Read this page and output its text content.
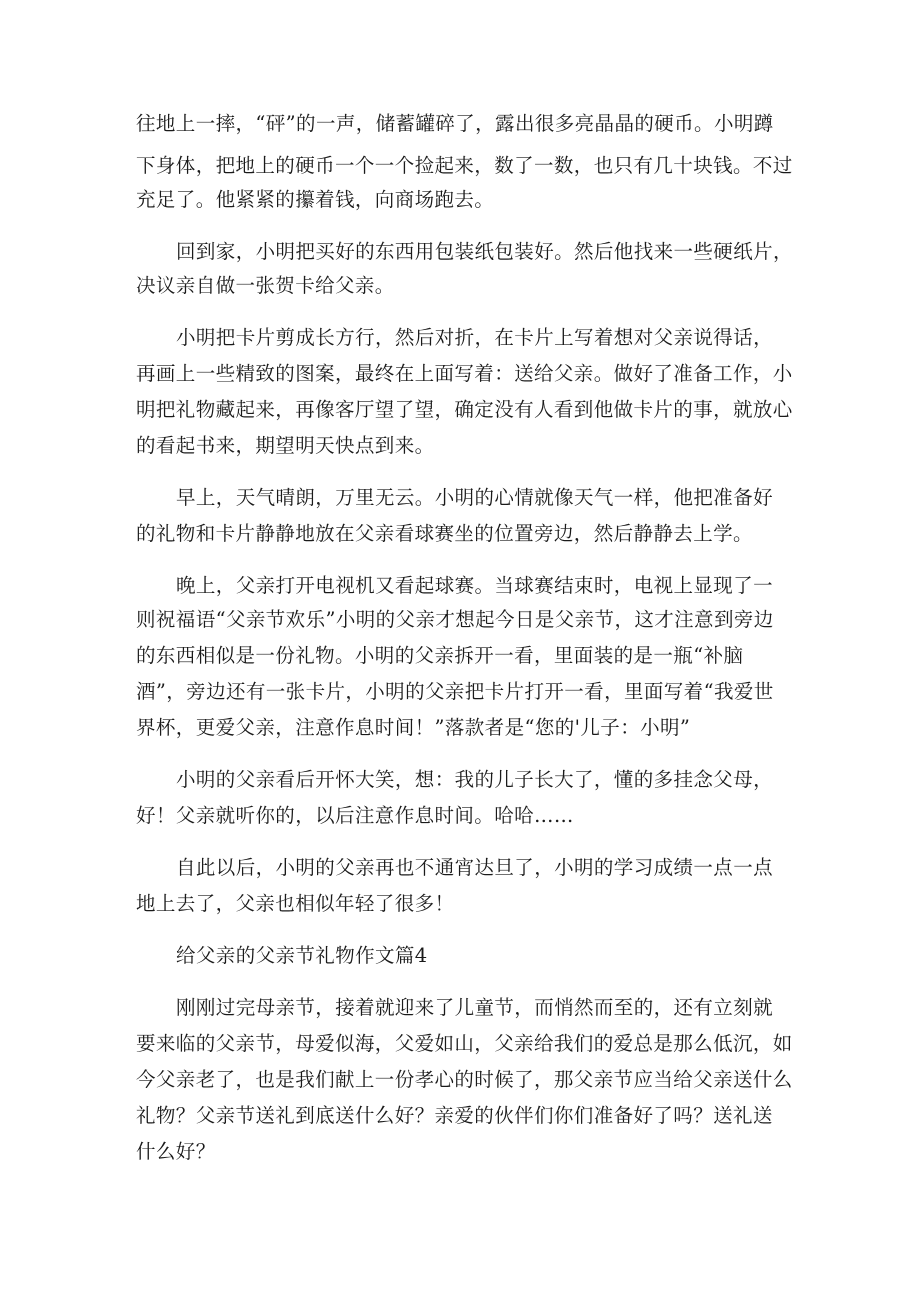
往地上一摔，“砰”的一声，储蓄罐碎了，露出很多亮晶晶的硬币。小明蹲
下身体，把地上的硬币一个一个捡起来，数了一数，也只有几十块钱。不过
充足了。他紧紧的攥着钱，向商场跑去。
回到家，小明把买好的东西用包装纸包装好。然后他找来一些硬纸片，
决议亲自做一张贺卡给父亲。
小明把卡片剪成长方行，然后对折，在卡片上写着想对父亲说得话，
再画上一些精致的图案，最终在上面写着：送给父亲。做好了准备工作，小
明把礼物藏起来，再像客厅望了望，确定没有人看到他做卡片的事，就放心
的看起书来，期望明天快点到来。
早上，天气晴朗，万里无云。小明的心情就像天气一样，他把准备好
的礼物和卡片静静地放在父亲看球赛坐的位置旁边，然后静静去上学。
晚上，父亲打开电视机又看起球赛。当球赛结束时，电视上显现了一
则祝福语“父亲节欢乐”小明的父亲才想起今日是父亲节，这才注意到旁边
的东西相似是一份礼物。小明的父亲拆开一看，里面装的是一瓶“补脑
酒”，旁边还有一张卡片，小明的父亲把卡片打开一看，里面写着“我爱世
界杯，更爱父亲，注意作息时间！”落款者是“您的'儿子：小明”
小明的父亲看后开怀大笑，想：我的儿子长大了，懂的多挂念父母，
好！父亲就听你的，以后注意作息时间。哈哈……
自此以后，小明的父亲再也不通宵达旦了，小明的学习成绩一点一点
地上去了，父亲也相似年轻了很多！
给父亲的父亲节礼物作文篇4
刚刚过完母亲节，接着就迎来了儿童节，而悄然而至的，还有立刻就
要来临的父亲节，母爱似海，父爱如山，父亲给我们的爱总是那么低沉，如
今父亲老了，也是我们献上一份孝心的时候了，那父亲节应当给父亲送什么
礼物？父亲节送礼到底送什么好？亲爱的伙伴们你们准备好了吗？送礼送
什么好？
